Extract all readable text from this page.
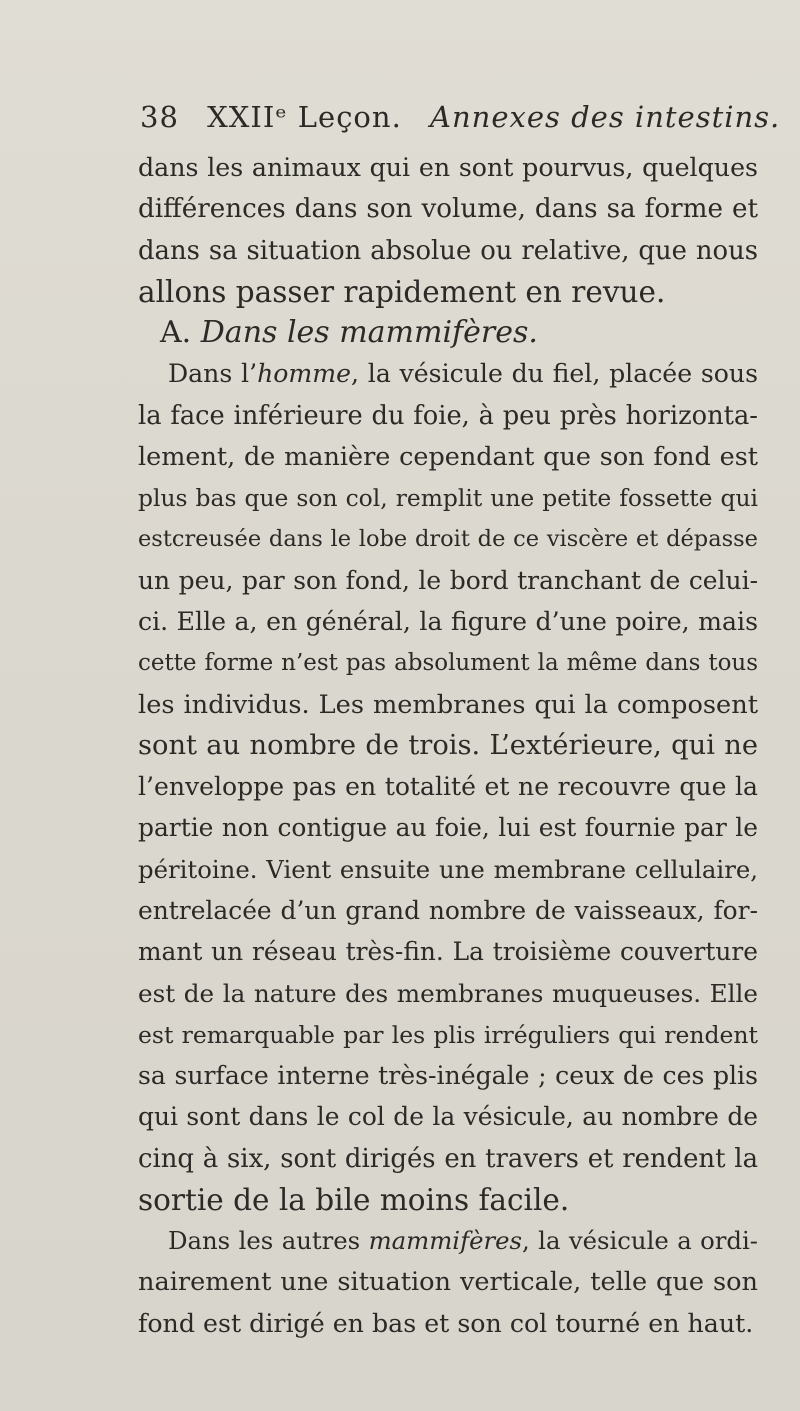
38 XXIIᵉ Leçon. Annexes des intestins.
dans les animaux qui en sont pourvus, quelques
différences dans son volume, dans sa forme et
dans sa situation absolue ou relative, que nous
allons passer rapidement en revue.
A. Dans les mammifères.
Dans l’homme, la vésicule du fiel, placée sous
la face inférieure du foie, à peu près horizonta-
lement, de manière cependant que son fond est
plus bas que son col, remplit une petite fossette qui
estcreusée dans le lobe droit de ce viscère et dépasse
un peu, par son fond, le bord tranchant de celui-
ci. Elle a, en général, la figure d’une poire, mais
cette forme n’est pas absolument la même dans tous
les individus. Les membranes qui la composent
sont au nombre de trois. L’extérieure, qui ne
l’enveloppe pas en totalité et ne recouvre que la
partie non contigue au foie, lui est fournie par le
péritoine. Vient ensuite une membrane cellulaire,
entrelacée d’un grand nombre de vaisseaux, for-
mant un réseau très-fin. La troisième couverture
est de la nature des membranes muqueuses. Elle
est remarquable par les plis irréguliers qui rendent
sa surface interne très-inégale ; ceux de ces plis
qui sont dans le col de la vésicule, au nombre de
cinq à six, sont dirigés en travers et rendent la
sortie de la bile moins facile.
Dans les autres mammifères, la vésicule a ordi-
nairement une situation verticale, telle que son
fond est dirigé en bas et son col tourné en haut.
